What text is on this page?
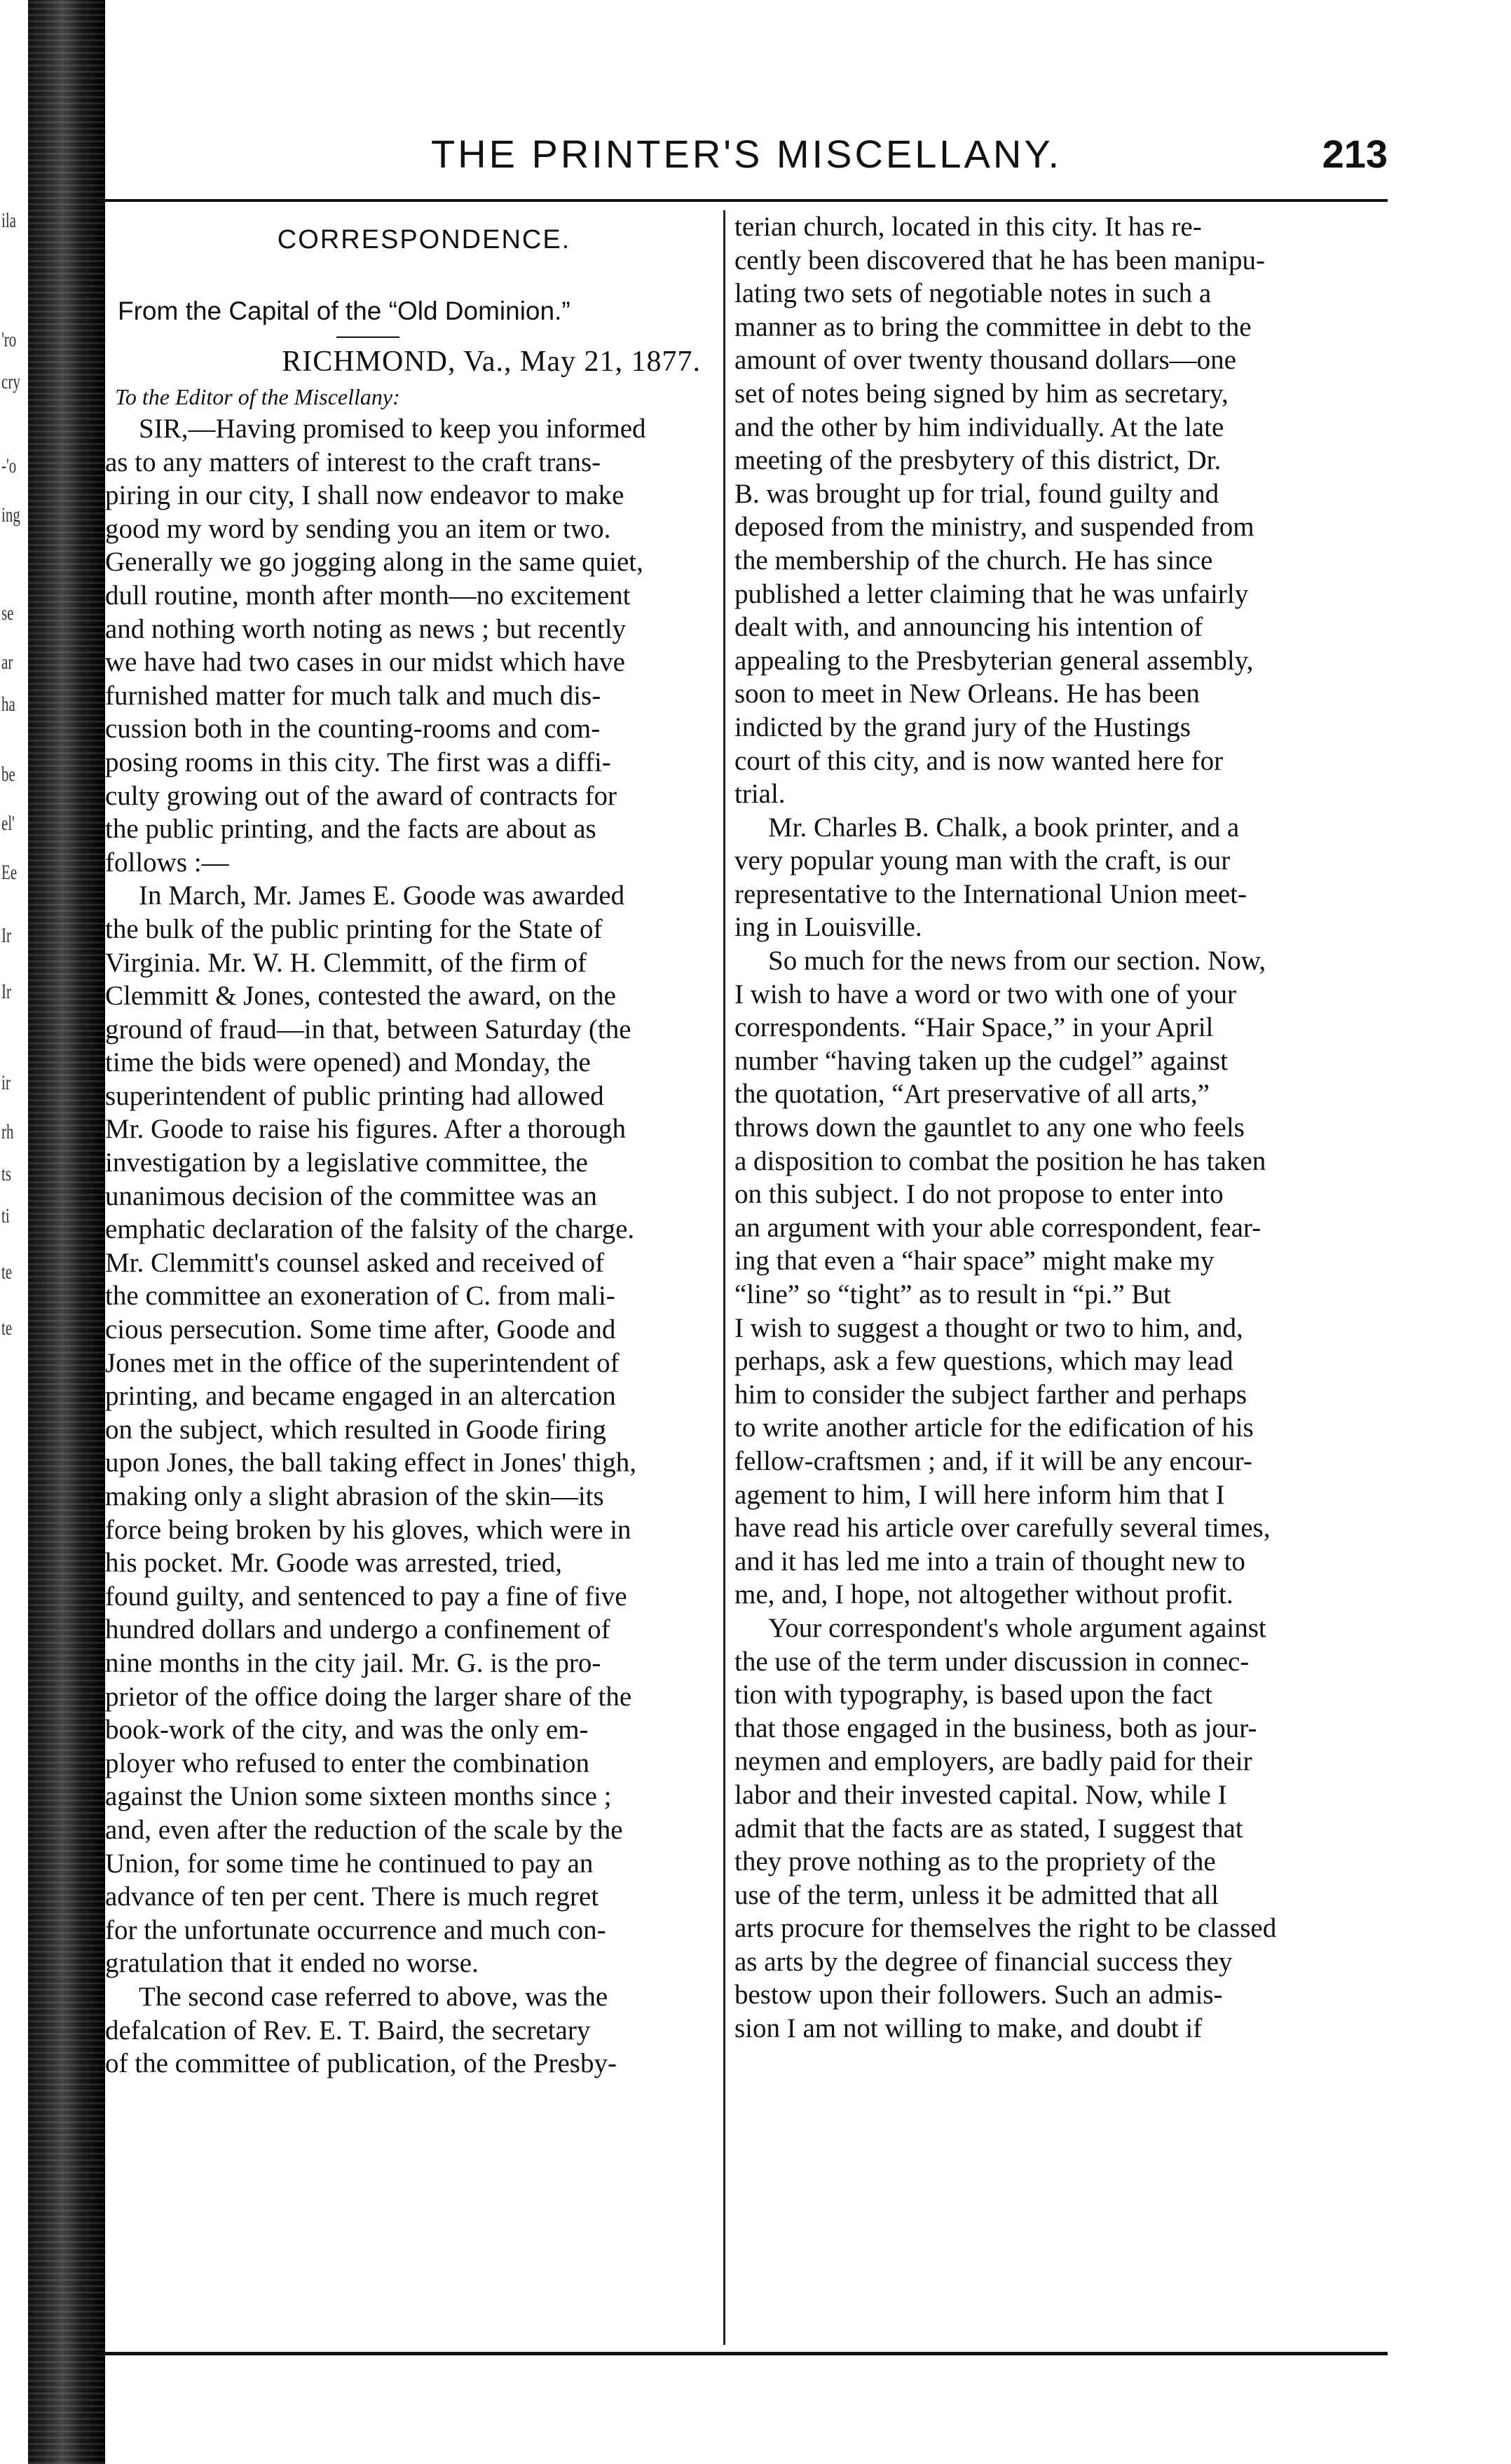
ila
'ro
cry
-'o
ing
se
ar
ha
be
el'
Ee
Ir
Ir
ir
rh
ts
ti
te
te
THE PRINTER'S MISCELLANY.	213
CORRESPONDENCE.
From the Capital of the “Old Dominion.”
RICHMOND, Va., May 21, 1877.
To the Editor of the Miscellany:
SIR,—Having promised to keep you informed
as to any matters of interest to the craft trans-
piring in our city, I shall now endeavor to make
good my word by sending you an item or two.
Generally we go jogging along in the same quiet,
dull routine, month after month—no excitement
and nothing worth noting as news ; but recently
we have had two cases in our midst which have
furnished matter for much talk and much dis-
cussion both in the counting-rooms and com-
posing rooms in this city. The first was a diffi-
culty growing out of the award of contracts for
the public printing, and the facts are about as
follows :—
In March, Mr. James E. Goode was awarded
the bulk of the public printing for the State of
Virginia. Mr. W. H. Clemmitt, of the firm of
Clemmitt & Jones, contested the award, on the
ground of fraud—in that, between Saturday (the
time the bids were opened) and Monday, the
superintendent of public printing had allowed
Mr. Goode to raise his figures. After a thorough
investigation by a legislative committee, the
unanimous decision of the committee was an
emphatic declaration of the falsity of the charge.
Mr. Clemmitt's counsel asked and received of
the committee an exoneration of C. from mali-
cious persecution. Some time after, Goode and
Jones met in the office of the superintendent of
printing, and became engaged in an altercation
on the subject, which resulted in Goode firing
upon Jones, the ball taking effect in Jones' thigh,
making only a slight abrasion of the skin—its
force being broken by his gloves, which were in
his pocket. Mr. Goode was arrested, tried,
found guilty, and sentenced to pay a fine of five
hundred dollars and undergo a confinement of
nine months in the city jail. Mr. G. is the pro-
prietor of the office doing the larger share of the
book-work of the city, and was the only em-
ployer who refused to enter the combination
against the Union some sixteen months since ;
and, even after the reduction of the scale by the
Union, for some time he continued to pay an
advance of ten per cent. There is much regret
for the unfortunate occurrence and much con-
gratulation that it ended no worse.
The second case referred to above, was the
defalcation of Rev. E. T. Baird, the secretary
of the committee of publication, of the Presby-
terian church, located in this city. It has re-
cently been discovered that he has been manipu-
lating two sets of negotiable notes in such a
manner as to bring the committee in debt to the
amount of over twenty thousand dollars—one
set of notes being signed by him as secretary,
and the other by him individually. At the late
meeting of the presbytery of this district, Dr.
B. was brought up for trial, found guilty and
deposed from the ministry, and suspended from
the membership of the church. He has since
published a letter claiming that he was unfairly
dealt with, and announcing his intention of
appealing to the Presbyterian general assembly,
soon to meet in New Orleans. He has been
indicted by the grand jury of the Hustings
court of this city, and is now wanted here for
trial.
Mr. Charles B. Chalk, a book printer, and a
very popular young man with the craft, is our
representative to the International Union meet-
ing in Louisville.
So much for the news from our section. Now,
I wish to have a word or two with one of your
correspondents. “Hair Space,” in your April
number “having taken up the cudgel” against
the quotation, “Art preservative of all arts,”
throws down the gauntlet to any one who feels
a disposition to combat the position he has taken
on this subject. I do not propose to enter into
an argument with your able correspondent, fear-
ing that even a “hair space” might make my
“line” so “tight” as to result in “pi.” But
I wish to suggest a thought or two to him, and,
perhaps, ask a few questions, which may lead
him to consider the subject farther and perhaps
to write another article for the edification of his
fellow-craftsmen ; and, if it will be any encour-
agement to him, I will here inform him that I
have read his article over carefully several times,
and it has led me into a train of thought new to
me, and, I hope, not altogether without profit.
Your correspondent's whole argument against
the use of the term under discussion in connec-
tion with typography, is based upon the fact
that those engaged in the business, both as jour-
neymen and employers, are badly paid for their
labor and their invested capital. Now, while I
admit that the facts are as stated, I suggest that
they prove nothing as to the propriety of the
use of the term, unless it be admitted that all
arts procure for themselves the right to be classed
as arts by the degree of financial success they
bestow upon their followers. Such an admis-
sion I am not willing to make, and doubt if
